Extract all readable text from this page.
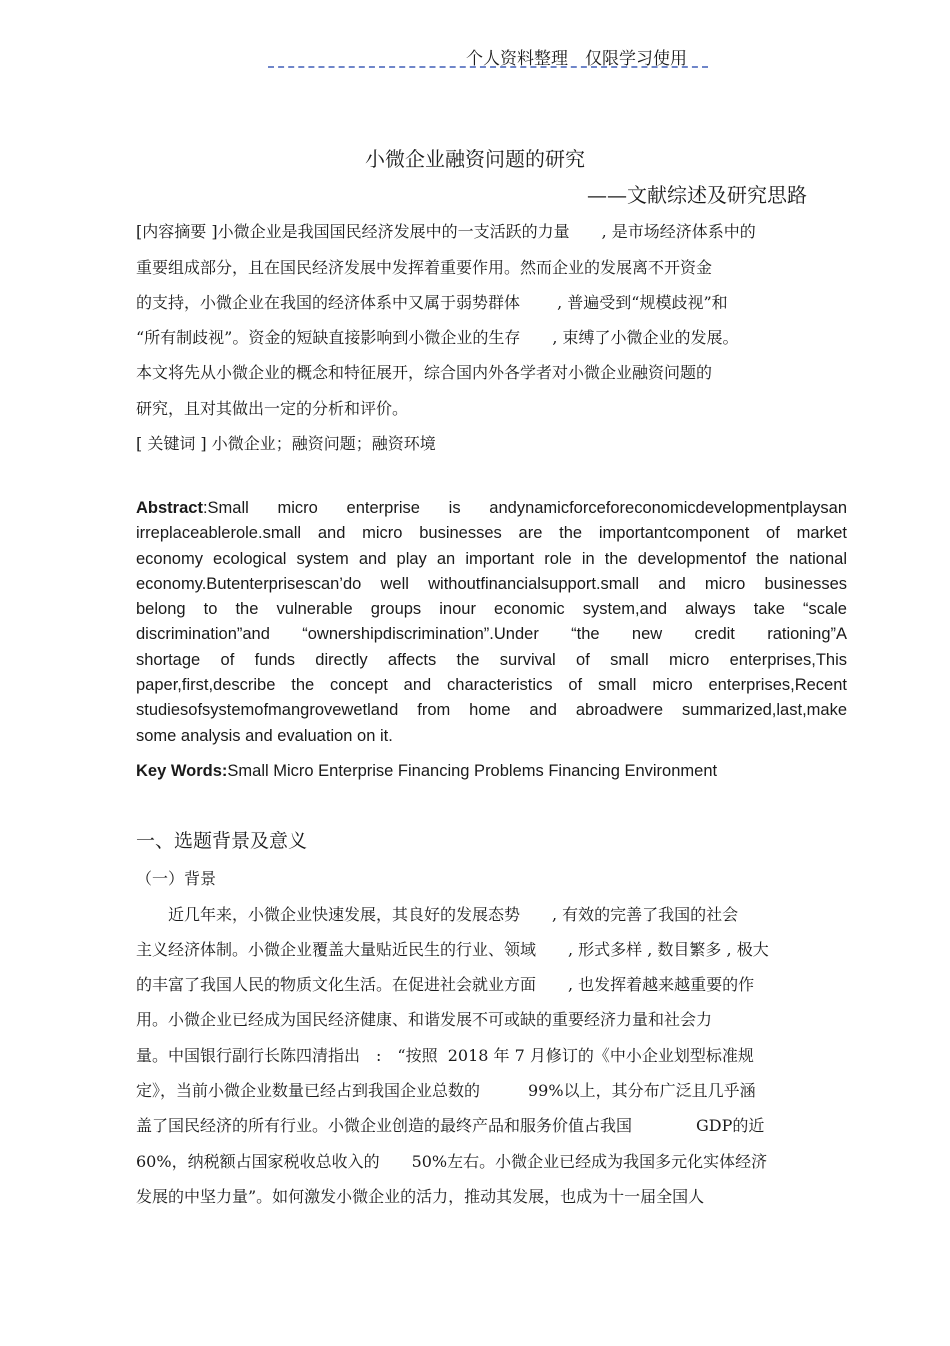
个人资料整理　仅限学习使用
小微企业融资问题的研究
——文献综述及研究思路
[内容摘要 ]小微企业是我国国民经济发展中的一支活跃的力量　　, 是市场经济体系中的
重要组成部分，且在国民经济发展中发挥着重要作用。然而企业的发展离不开资金
的支持，小微企业在我国的经济体系中又属于弱势群体　　 , 普遍受到“规模歧视”和
“所有制歧视”。资金的短缺直接影响到小微企业的生存　　, 束缚了小微企业的发展。
本文将先从小微企业的概念和特征展开，综合国内外各学者对小微企业融资问题的
研究，且对其做出一定的分析和评价。
[ 关键词 ] 小微企业；融资问题；融资环境
Abstract:Small micro enterprise is andynamicforceforeconomicdevelopmentplaysan
irreplaceablerole.small and micro businesses are the importantcomponent of market
economy ecological system and play an important role in the developmentof the national
economy.Butenterprisescan’do well withoutfinancialsupport.small and micro businesses
belong to the vulnerable groups inour economic system,and always take “scale
discrimination”and “ownershipdiscrimination”.Under “the new credit rationing”A
shortage of funds directly affects the survival of small micro enterprises,This
paper,first,describe the concept and characteristics of small micro enterprises,Recent
studiesofsystemofmangrovewetland from home and abroadwere summarized,last,make
some analysis and evaluation on it.
Key Words:Small Micro Enterprise Financing Problems Financing Environment
一、选题背景及意义
（一）背景
　　近几年来，小微企业快速发展，其良好的发展态势　　, 有效的完善了我国的社会
主义经济体制。小微企业覆盖大量贴近民生的行业、领域　　, 形式多样 , 数目繁多 , 极大
的丰富了我国人民的物质文化生活。在促进社会就业方面　　, 也发挥着越来越重要的作
用。小微企业已经成为国民经济健康、和谐发展不可或缺的重要经济力量和社会力
量。中国银行副行长陈四清指出　:　“按照  2018 年 7 月修订的《中小企业划型标准规
定》，当前小微企业数量已经占到我国企业总数的　　　99%以上，其分布广泛且几乎涵
盖了国民经济的所有行业。小微企业创造的最终产品和服务价值占我国　　　　GDP的近
60%，纳税额占国家税收总收入的　　50%左右。小微企业已经成为我国多元化实体经济
发展的中坚力量”。如何激发小微企业的活力，推动其发展，也成为十一届全国人
